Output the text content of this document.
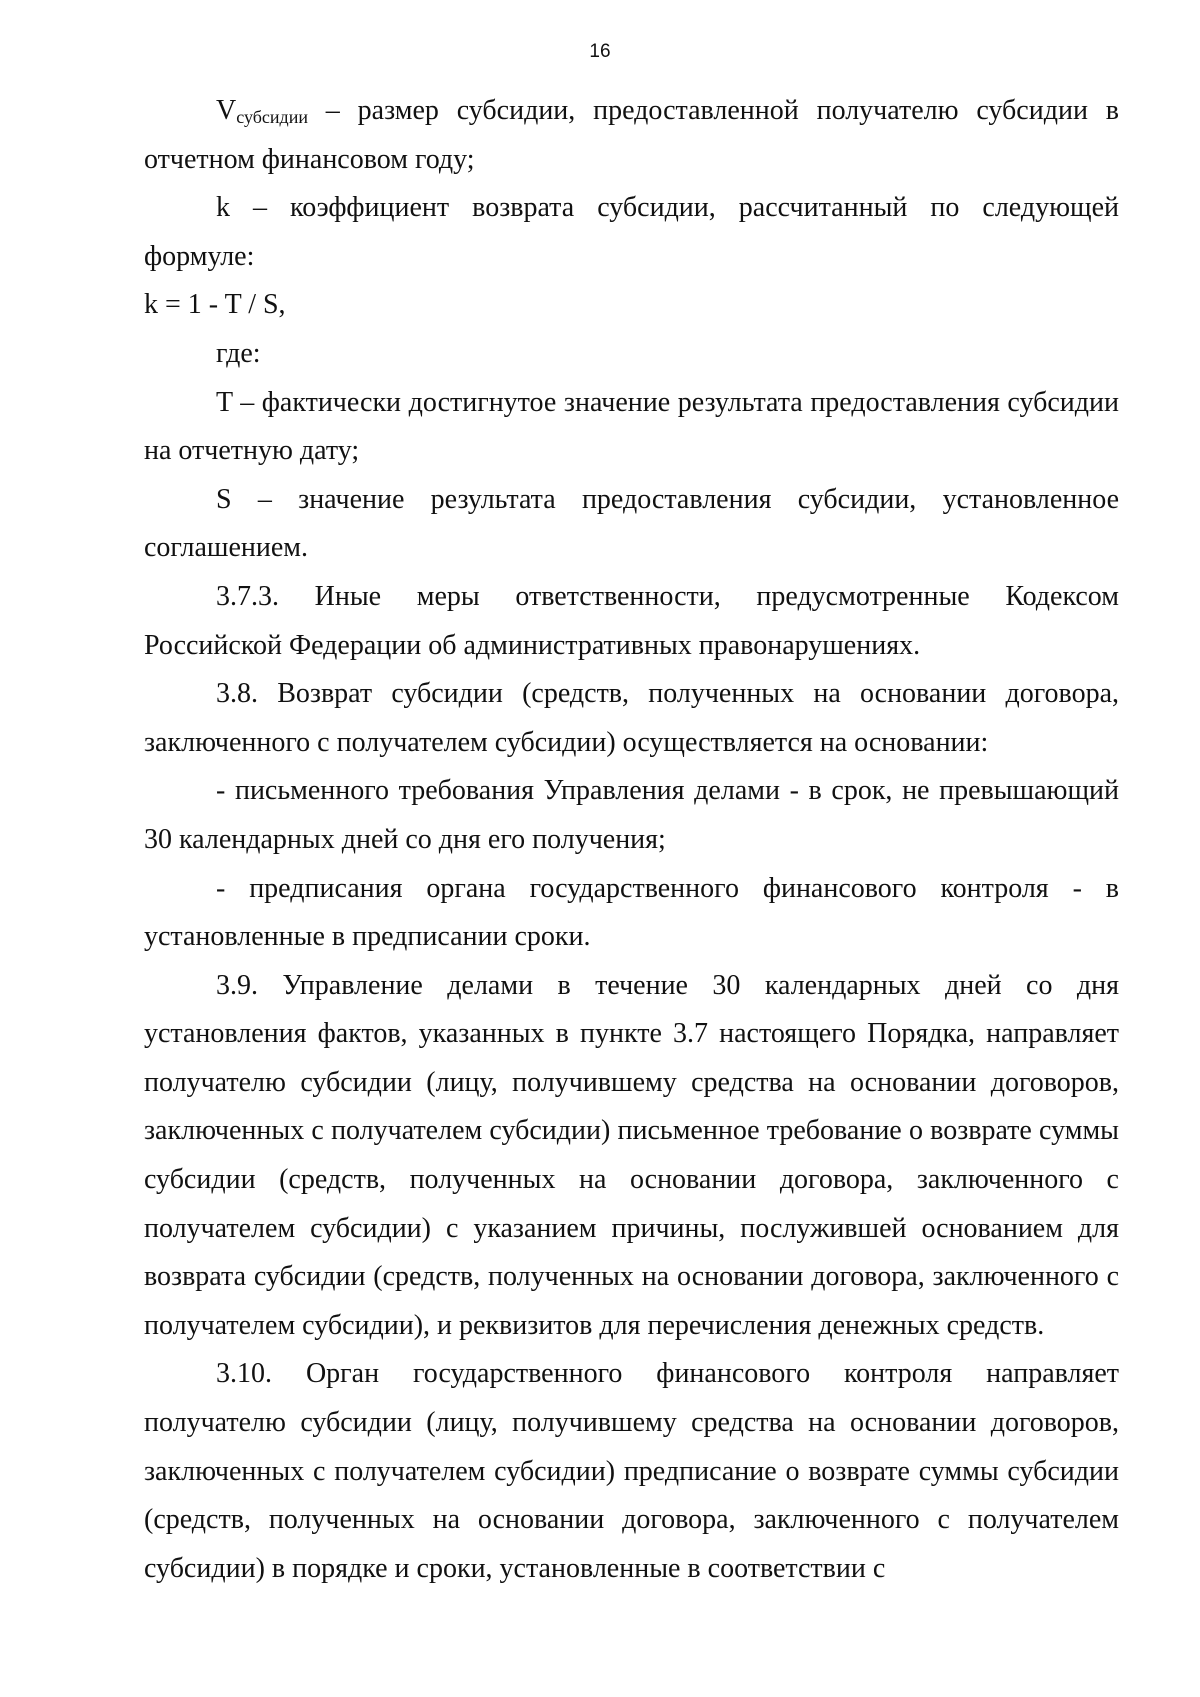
16

$V_{субсидии}$ – размер субсидии, предоставленной получателю субсидии в отчетном финансовом году;

k – коэффициент возврата субсидии, рассчитанный по следующей формуле:

k = 1 - T / S,

где:

T – фактически достигнутое значение результата предоставления субсидии на отчетную дату;

S – значение результата предоставления субсидии, установленное соглашением.

3.7.3. Иные меры ответственности, предусмотренные Кодексом Российской Федерации об административных правонарушениях.

3.8. Возврат субсидии (средств, полученных на основании договора, заключенного с получателем субсидии) осуществляется на основании:

- письменного требования Управления делами - в срок, не превышающий 30 календарных дней со дня его получения;

- предписания органа государственного финансового контроля - в установленные в предписании сроки.

3.9. Управление делами в течение 30 календарных дней со дня установления фактов, указанных в пункте 3.7 настоящего Порядка, направляет получателю субсидии (лицу, получившему средства на основании договоров, заключенных с получателем субсидии) письменное требование о возврате суммы субсидии (средств, полученных на основании договора, заключенного с получателем субсидии) с указанием причины, послужившей основанием для возврата субсидии (средств, полученных на основании договора, заключенного с получателем субсидии), и реквизитов для перечисления денежных средств.

3.10. Орган государственного финансового контроля направляет получателю субсидии (лицу, получившему средства на основании договоров, заключенных с получателем субсидии) предписание о возврате суммы субсидии (средств, полученных на основании договора, заключенного с получателем субсидии) в порядке и сроки, установленные в соответствии с
